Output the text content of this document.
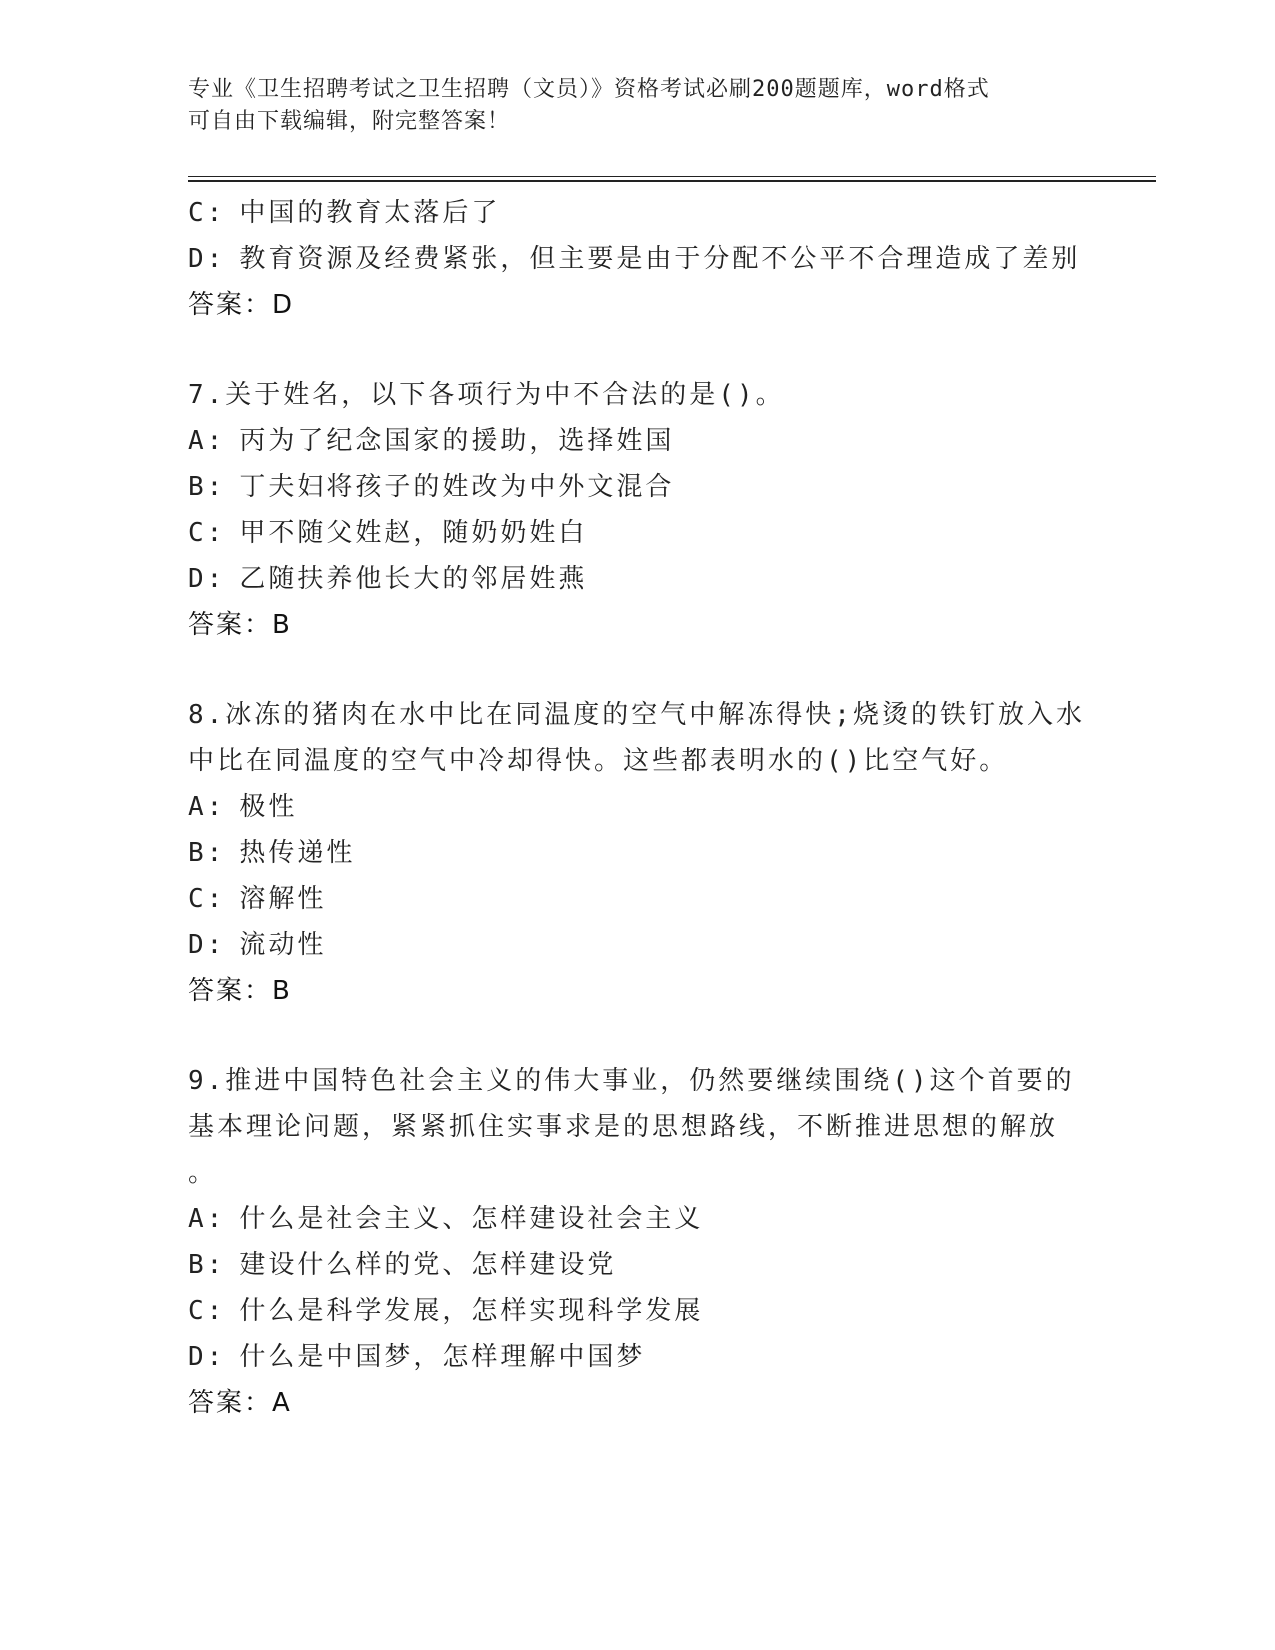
专业《卫生招聘考试之卫生招聘（文员）》资格考试必刷200题题库，word格式
可自由下载编辑，附完整答案！
C: 中国的教育太落后了
D: 教育资源及经费紧张，但主要是由于分配不公平不合理造成了差别
答案：D
7.关于姓名，以下各项行为中不合法的是()。
A: 丙为了纪念国家的援助，选择姓国
B: 丁夫妇将孩子的姓改为中外文混合
C: 甲不随父姓赵，随奶奶姓白
D: 乙随扶养他长大的邻居姓燕
答案：B
8.冰冻的猪肉在水中比在同温度的空气中解冻得快;烧烫的铁钉放入水
中比在同温度的空气中冷却得快。这些都表明水的()比空气好。
A: 极性
B: 热传递性
C: 溶解性
D: 流动性
答案：B
9.推进中国特色社会主义的伟大事业，仍然要继续围绕()这个首要的
基本理论问题，紧紧抓住实事求是的思想路线，不断推进思想的解放
。
A: 什么是社会主义、怎样建设社会主义
B: 建设什么样的党、怎样建设党
C: 什么是科学发展，怎样实现科学发展
D: 什么是中国梦，怎样理解中国梦
答案：A
